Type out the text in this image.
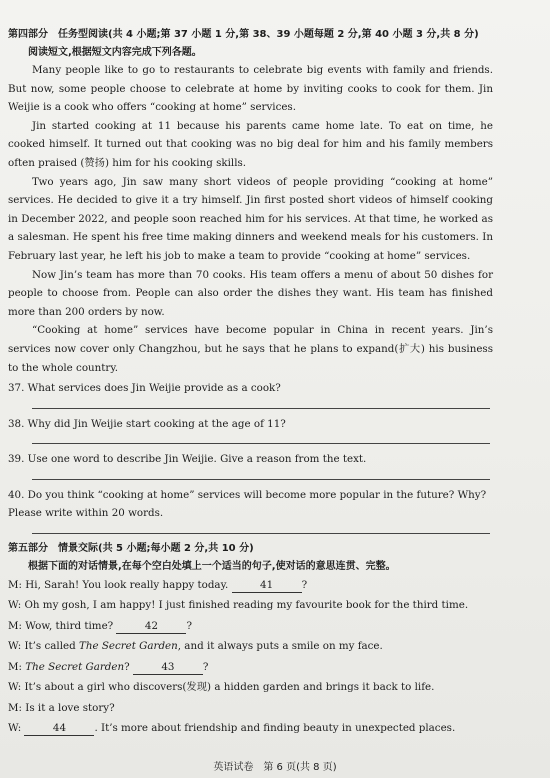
第四部分　任务型阅读(共 4 小题;第 37 小题 1 分,第 38、39 小题每题 2 分,第 40 小题 3 分,共 8 分)
阅读短文,根据短文内容完成下列各题。

Many people like to go to restaurants to celebrate big events with family and friends. But now, some people choose to celebrate at home by inviting cooks to cook for them. Jin Weijie is a cook who offers “cooking at home” services.

Jin started cooking at 11 because his parents came home late. To eat on time, he cooked himself. It turned out that cooking was no big deal for him and his family members often praised (赞扬) him for his cooking skills.

Two years ago, Jin saw many short videos of people providing “cooking at home” services. He decided to give it a try himself. Jin first posted short videos of himself cooking in December 2022, and people soon reached him for his services. At that time, he worked as a salesman. He spent his free time making dinners and weekend meals for his customers. In February last year, he left his job to make a team to provide “cooking at home” services.

Now Jin’s team has more than 70 cooks. His team offers a menu of about 50 dishes for people to choose from. People can also order the dishes they want. His team has finished more than 200 orders by now.

“Cooking at home” services have become popular in China in recent years. Jin’s services now cover only Changzhou, but he says that he plans to expand(扩大) his business to the whole country.

37. What services does Jin Weijie provide as a cook?
38. Why did Jin Weijie start cooking at the age of 11?
39. Use one word to describe Jin Weijie. Give a reason from the text.
40. Do you think “cooking at home” services will become more popular in the future? Why? Please write within 20 words.
第五部分　情景交际(共 5 小题;每小题 2 分,共 10 分)
根据下面的对话情景,在每个空白处填上一个适当的句子,使对话的意思连贯、完整。
M: Hi, Sarah! You look really happy today.	41	?
W: Oh my gosh, I am happy! I just finished reading my favourite book for the third time.
M: Wow, third time?	42	?
W: It’s called The Secret Garden, and it always puts a smile on my face.
M: The Secret Garden?	43	?
W: It’s about a girl who discovers(发现) a hidden garden and brings it back to life.
M: Is it a love story?
W:	44	. It’s more about friendship and finding beauty in unexpected places.
英语试卷　第 6 页(共 8 页)
